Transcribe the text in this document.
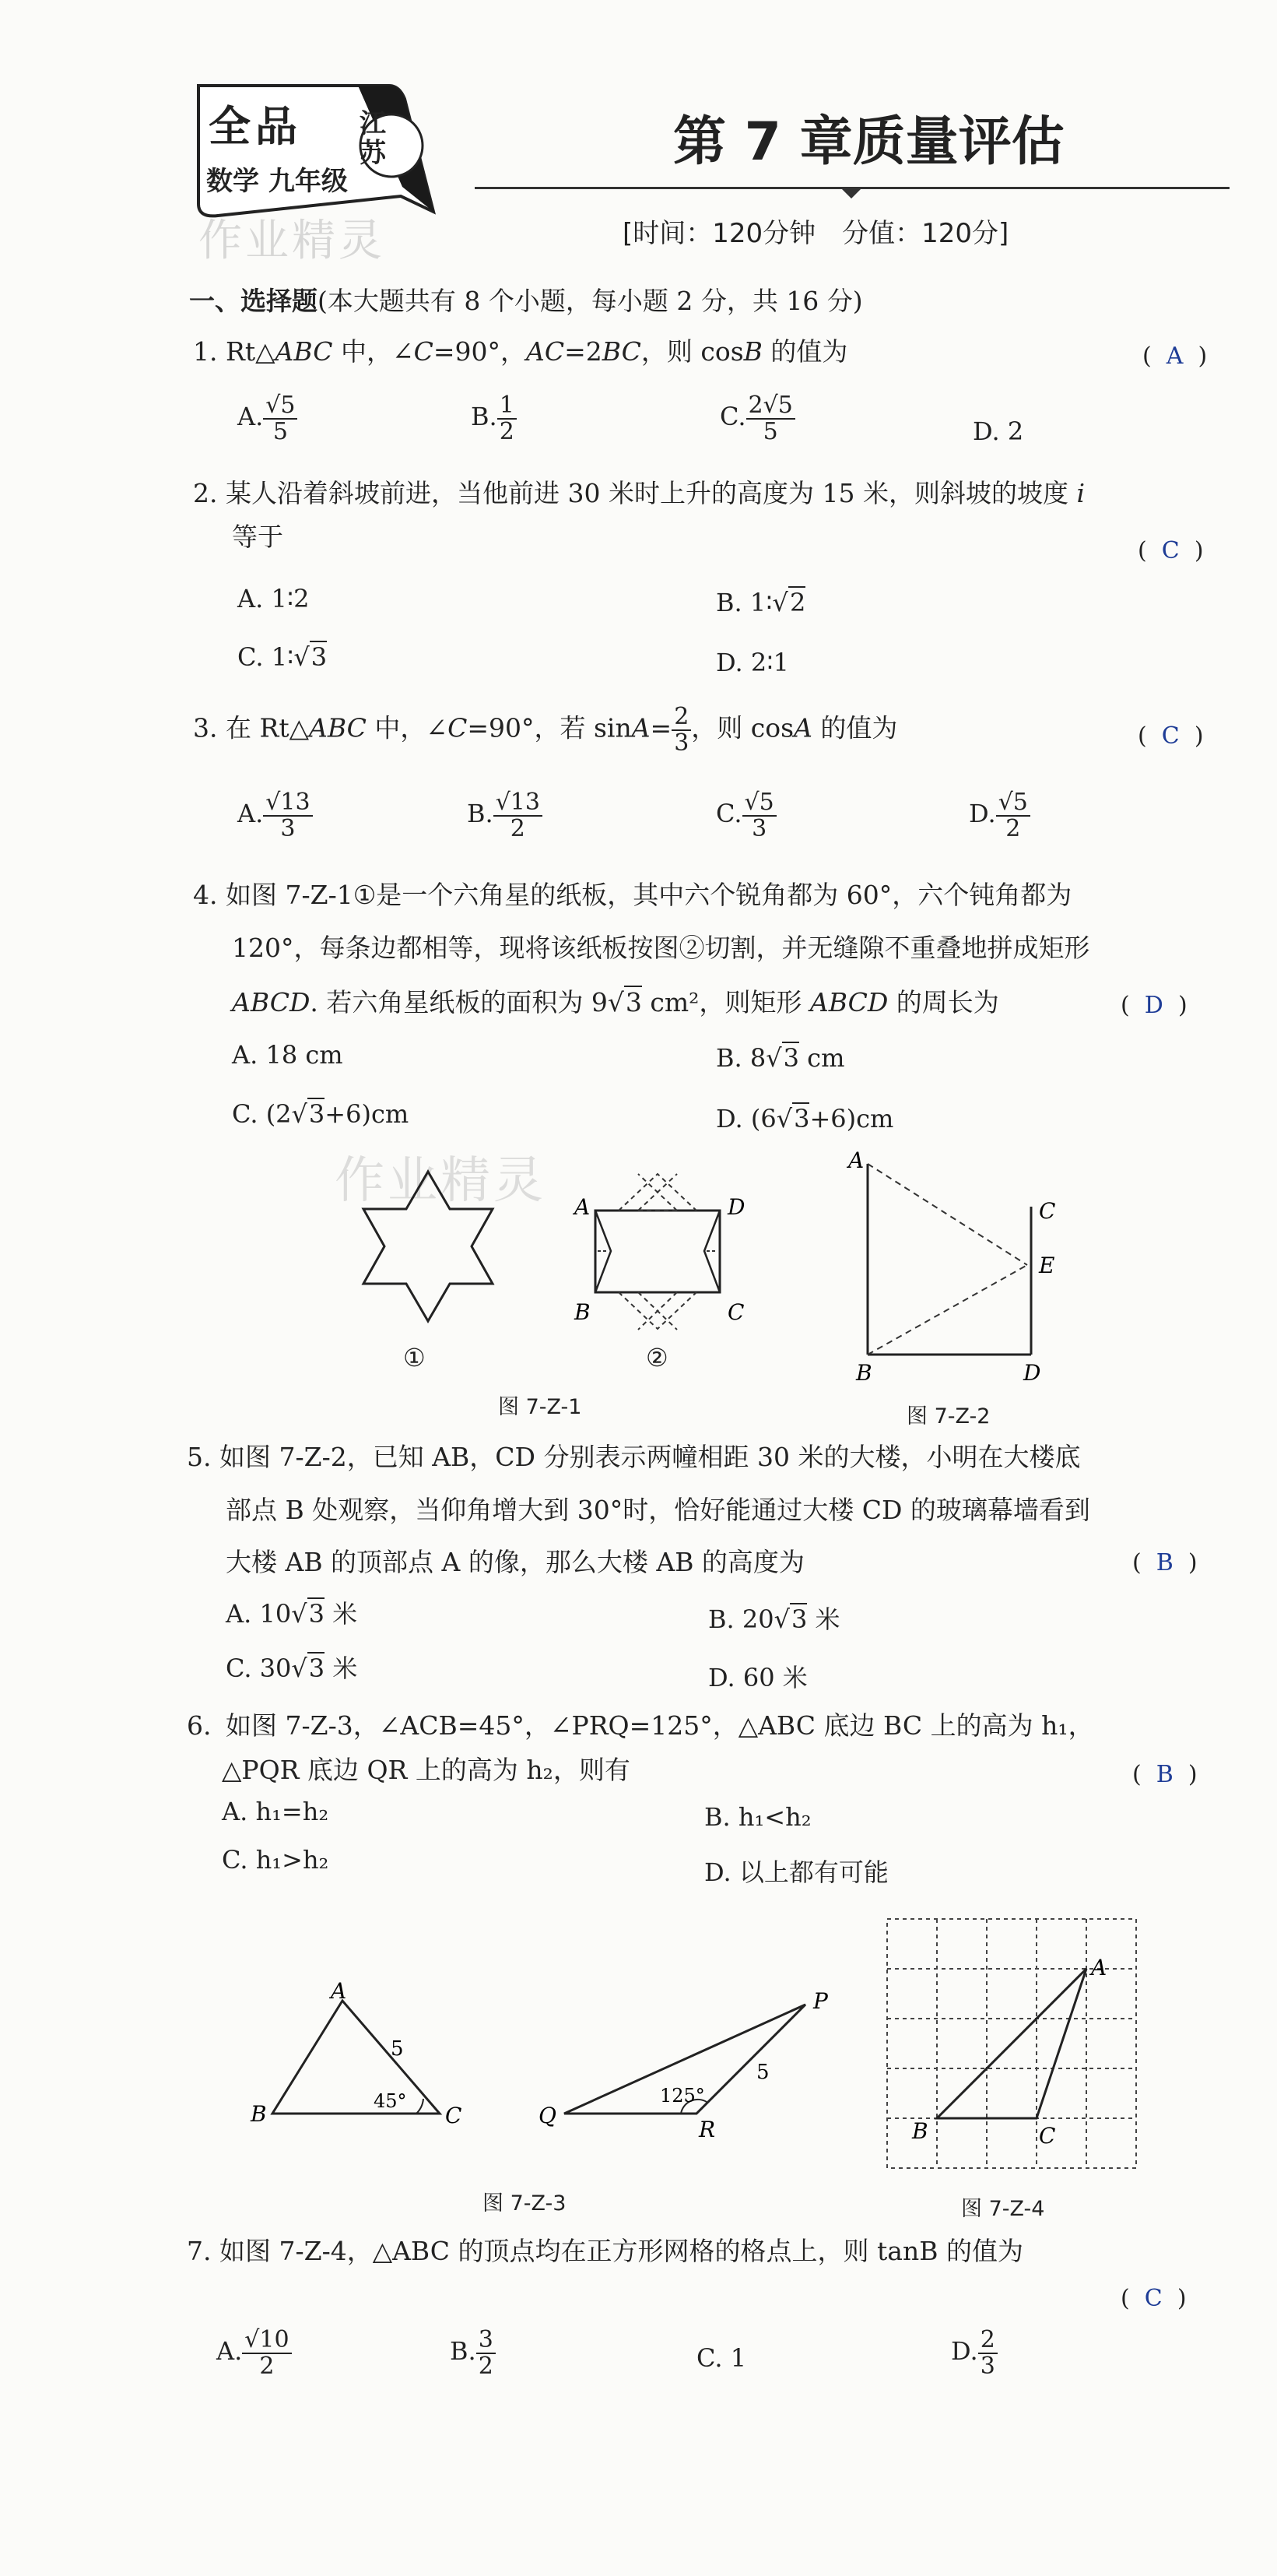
全品 江苏
数学 九年级
作业精灵
第 7 章质量评估
[时间：120分钟　分值：120分]
一、选择题(本大题共有 8 个小题，每小题 2 分，共 16 分)
1. Rt△ABC 中，∠C=90°，AC=2BC，则 cosB 的值为	( A )
A. $\frac{√5}{5}$	B. $\frac{1}{2}$	C. $\frac{2√5}{5}$	D. 2
2. 某人沿着斜坡前进，当他前进 30 米时上升的高度为 15 米，则斜坡的坡度 i
等于	( C )
A. 1∶2	B. 1∶√2
C. 1∶√3	D. 2∶1
3. 在 Rt△ABC 中，∠C=90°，若 $\sin A= \frac{2}{3}$ ，则 cosA 的值为	( C )
A. $\frac{√13}{3}$	B. $\frac{√13}{2}$	C. $\frac{√5}{3}$	D. $\frac{√5}{2}$
4. 如图 7-Z-1①是一个六角星的纸板，其中六个锐角都为 60°，六个钝角都为
120°，每条边都相等，现将该纸板按图②切割，并无缝隙不重叠地拼成矩形
ABCD. 若六角星纸板的面积为 9√3 cm²，则矩形 ABCD 的周长为	( D )
A. 18 cm	B. 8√3 cm
C. (2√3+6)cm	D. (6√3+6)cm
作业精灵
①
A	D
B	C
②
图 7-Z-1
A
B
C
E
D
图 7-Z-2
5. 如图 7-Z-2，已知 AB，CD 分别表示两幢相距 30 米的大楼，小明在大楼底
部点 B 处观察，当仰角增大到 30°时，恰好能通过大楼 CD 的玻璃幕墙看到
大楼 AB 的顶部点 A 的像，那么大楼 AB 的高度为	( B )
A. 10√3 米	B. 20√3 米
C. 30√3 米	D. 60 米
如图 7-Z-3，∠ACB=45°，∠PRQ=125°，△ABC 底边 BC 上的高为 h₁，
6.
△PQR 底边 QR 上的高为 h₂，则有	( B )
A. h₁=h₂	B. h₁<h₂
C. h₁>h₂	D. 以上都有可能
A
B	C
5
45°
P
Q
R
5
125°
图 7-Z-3
A
B	C
图 7-Z-4
7. 如图 7-Z-4，△ABC 的顶点均在正方形网格的格点上，则 tanB 的值为
( C )
A. $\frac{√10}{2}$	B. $\frac{3}{2}$	C. 1	D. $\frac{2}{3}$
